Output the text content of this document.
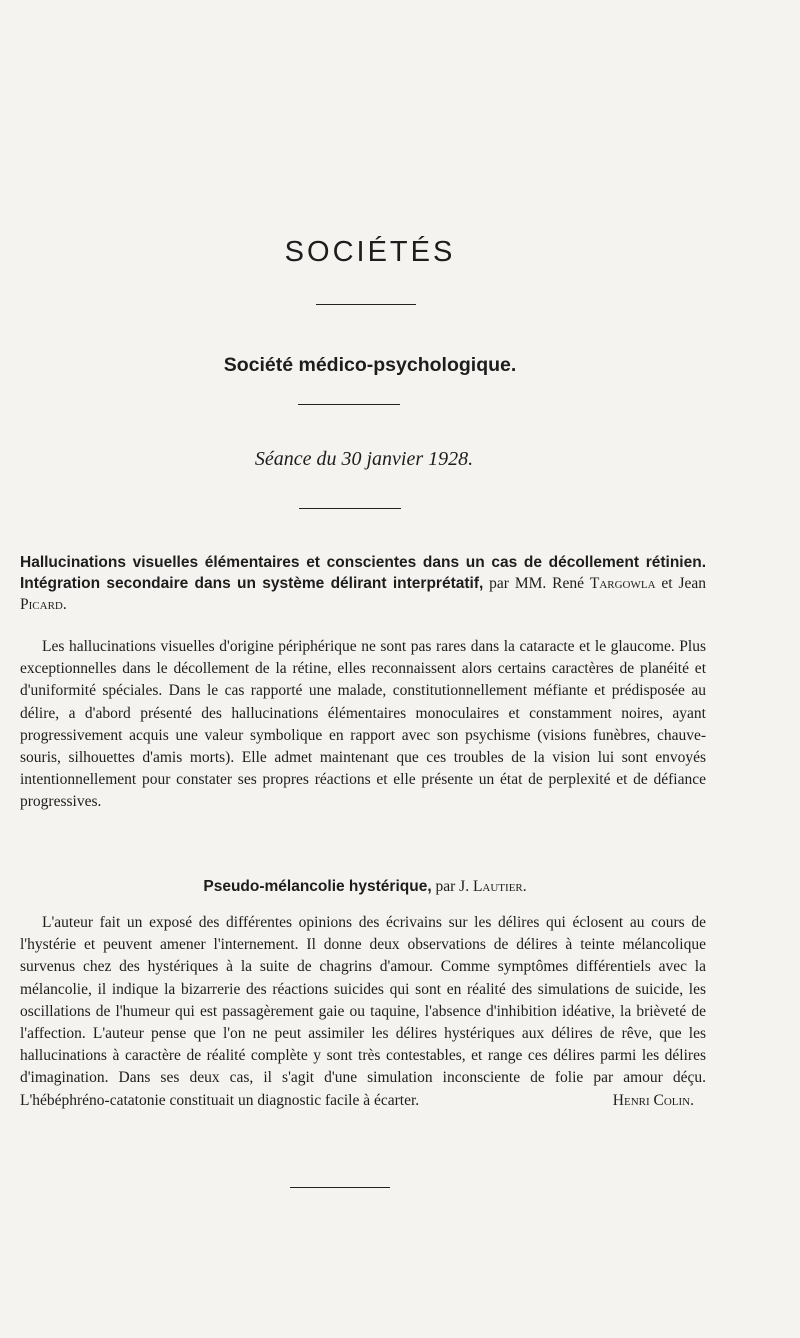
SOCIÉTÉS
Société médico-psychologique.
Séance du 30 janvier 1928.
Hallucinations visuelles élémentaires et conscientes dans un cas de décollement rétinien. Intégration secondaire dans un système délirant interprétatif, par MM. René Targowla et Jean Picard.

Les hallucinations visuelles d'origine périphérique ne sont pas rares dans la cataracte et le glaucome. Plus exceptionnelles dans le décollement de la rétine, elles reconnaissent alors certains caractères de planéité et d'uniformité spéciales. Dans le cas rapporté une malade, constitutionnellement méfiante et prédisposée au délire, a d'abord présenté des hallucinations élémentaires monoculaires et constamment noires, ayant progressivement acquis une valeur symbolique en rapport avec son psychisme (visions funèbres, chauve-souris, silhouettes d'amis morts). Elle admet maintenant que ces troubles de la vision lui sont envoyés intentionnellement pour constater ses propres réactions et elle présente un état de perplexité et de défiance progressives.

Pseudo-mélancolie hystérique, par J. Lautier.

L'auteur fait un exposé des différentes opinions des écrivains sur les délires qui éclosent au cours de l'hystérie et peuvent amener l'internement. Il donne deux observations de délires à teinte mélancolique survenus chez des hystériques à la suite de chagrins d'amour. Comme symptômes différentiels avec la mélancolie, il indique la bizarrerie des réactions suicides qui sont en réalité des simulations de suicide, les oscillations de l'humeur qui est passagèrement gaie ou taquine, l'absence d'inhibition idéative, la brièveté de l'affection. L'auteur pense que l'on ne peut assimiler les délires hystériques aux délires de rêve, que les hallucinations à caractère de réalité complète y sont très contestables, et range ces délires parmi les délires d'imagination. Dans ses deux cas, il s'agit d'une simulation inconsciente de folie par amour déçu. L'hébéphréno-catatonie constituait un diagnostic facile à écarter.	Henri Colin.
